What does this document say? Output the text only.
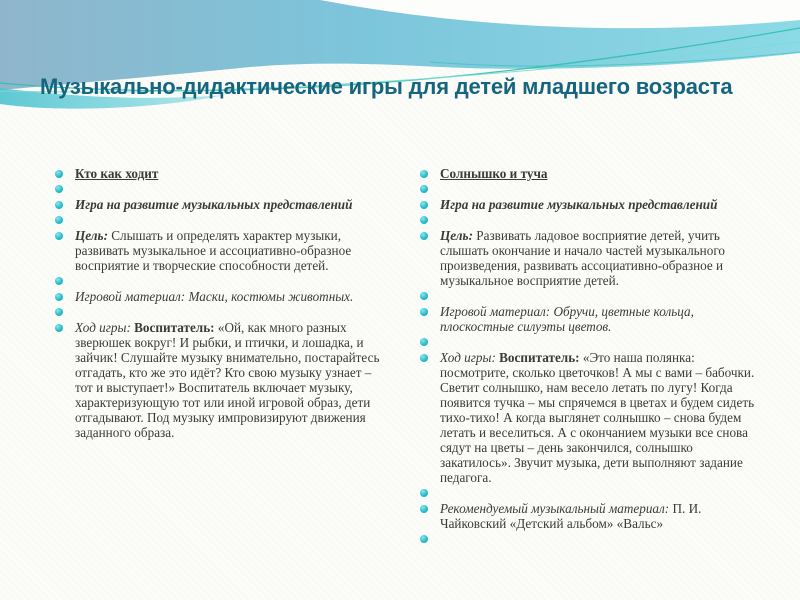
Музыкально-дидактические игры для детей младшего возраста
Кто как ходит
Игра на развитие музыкальных представлений
Цель: Слышать и определять характер музыки, развивать музыкальное и ассоциативно-образное восприятие и творческие способности детей.
Игровой материал: Маски, костюмы животных.
Ход игры: Воспитатель: «Ой, как много разных зверюшек вокруг! И рыбки, и птички, и лошадка, и зайчик! Слушайте музыку внимательно, постарайтесь отгадать, кто же это идёт? Кто свою музыку узнает – тот и выступает!» Воспитатель включает музыку, характеризующую тот или иной игровой образ, дети отгадывают. Под музыку импровизируют движения заданного образа.
Солнышко и туча
Игра на развитие музыкальных представлений
Цель: Развивать ладовое восприятие детей, учить слышать окончание и начало частей музыкального произведения, развивать ассоциативно-образное и музыкальное восприятие детей.
Игровой материал: Обручи, цветные кольца, плоскостные силуэты цветов.
Ход игры: Воспитатель: «Это наша полянка: посмотрите, сколько цветочков! А мы с вами – бабочки. Светит солнышко, нам весело летать по лугу! Когда появится тучка – мы спрячемся в цветах и будем сидеть тихо-тихо! А когда выглянет солнышко – снова будем летать и веселиться. А с окончанием музыки все снова сядут на цветы – день закончился, солнышко закатилось». Звучит музыка, дети выполняют задание педагога.
Рекомендуемый музыкальный материал: П. И. Чайковский «Детский альбом» «Вальс»
